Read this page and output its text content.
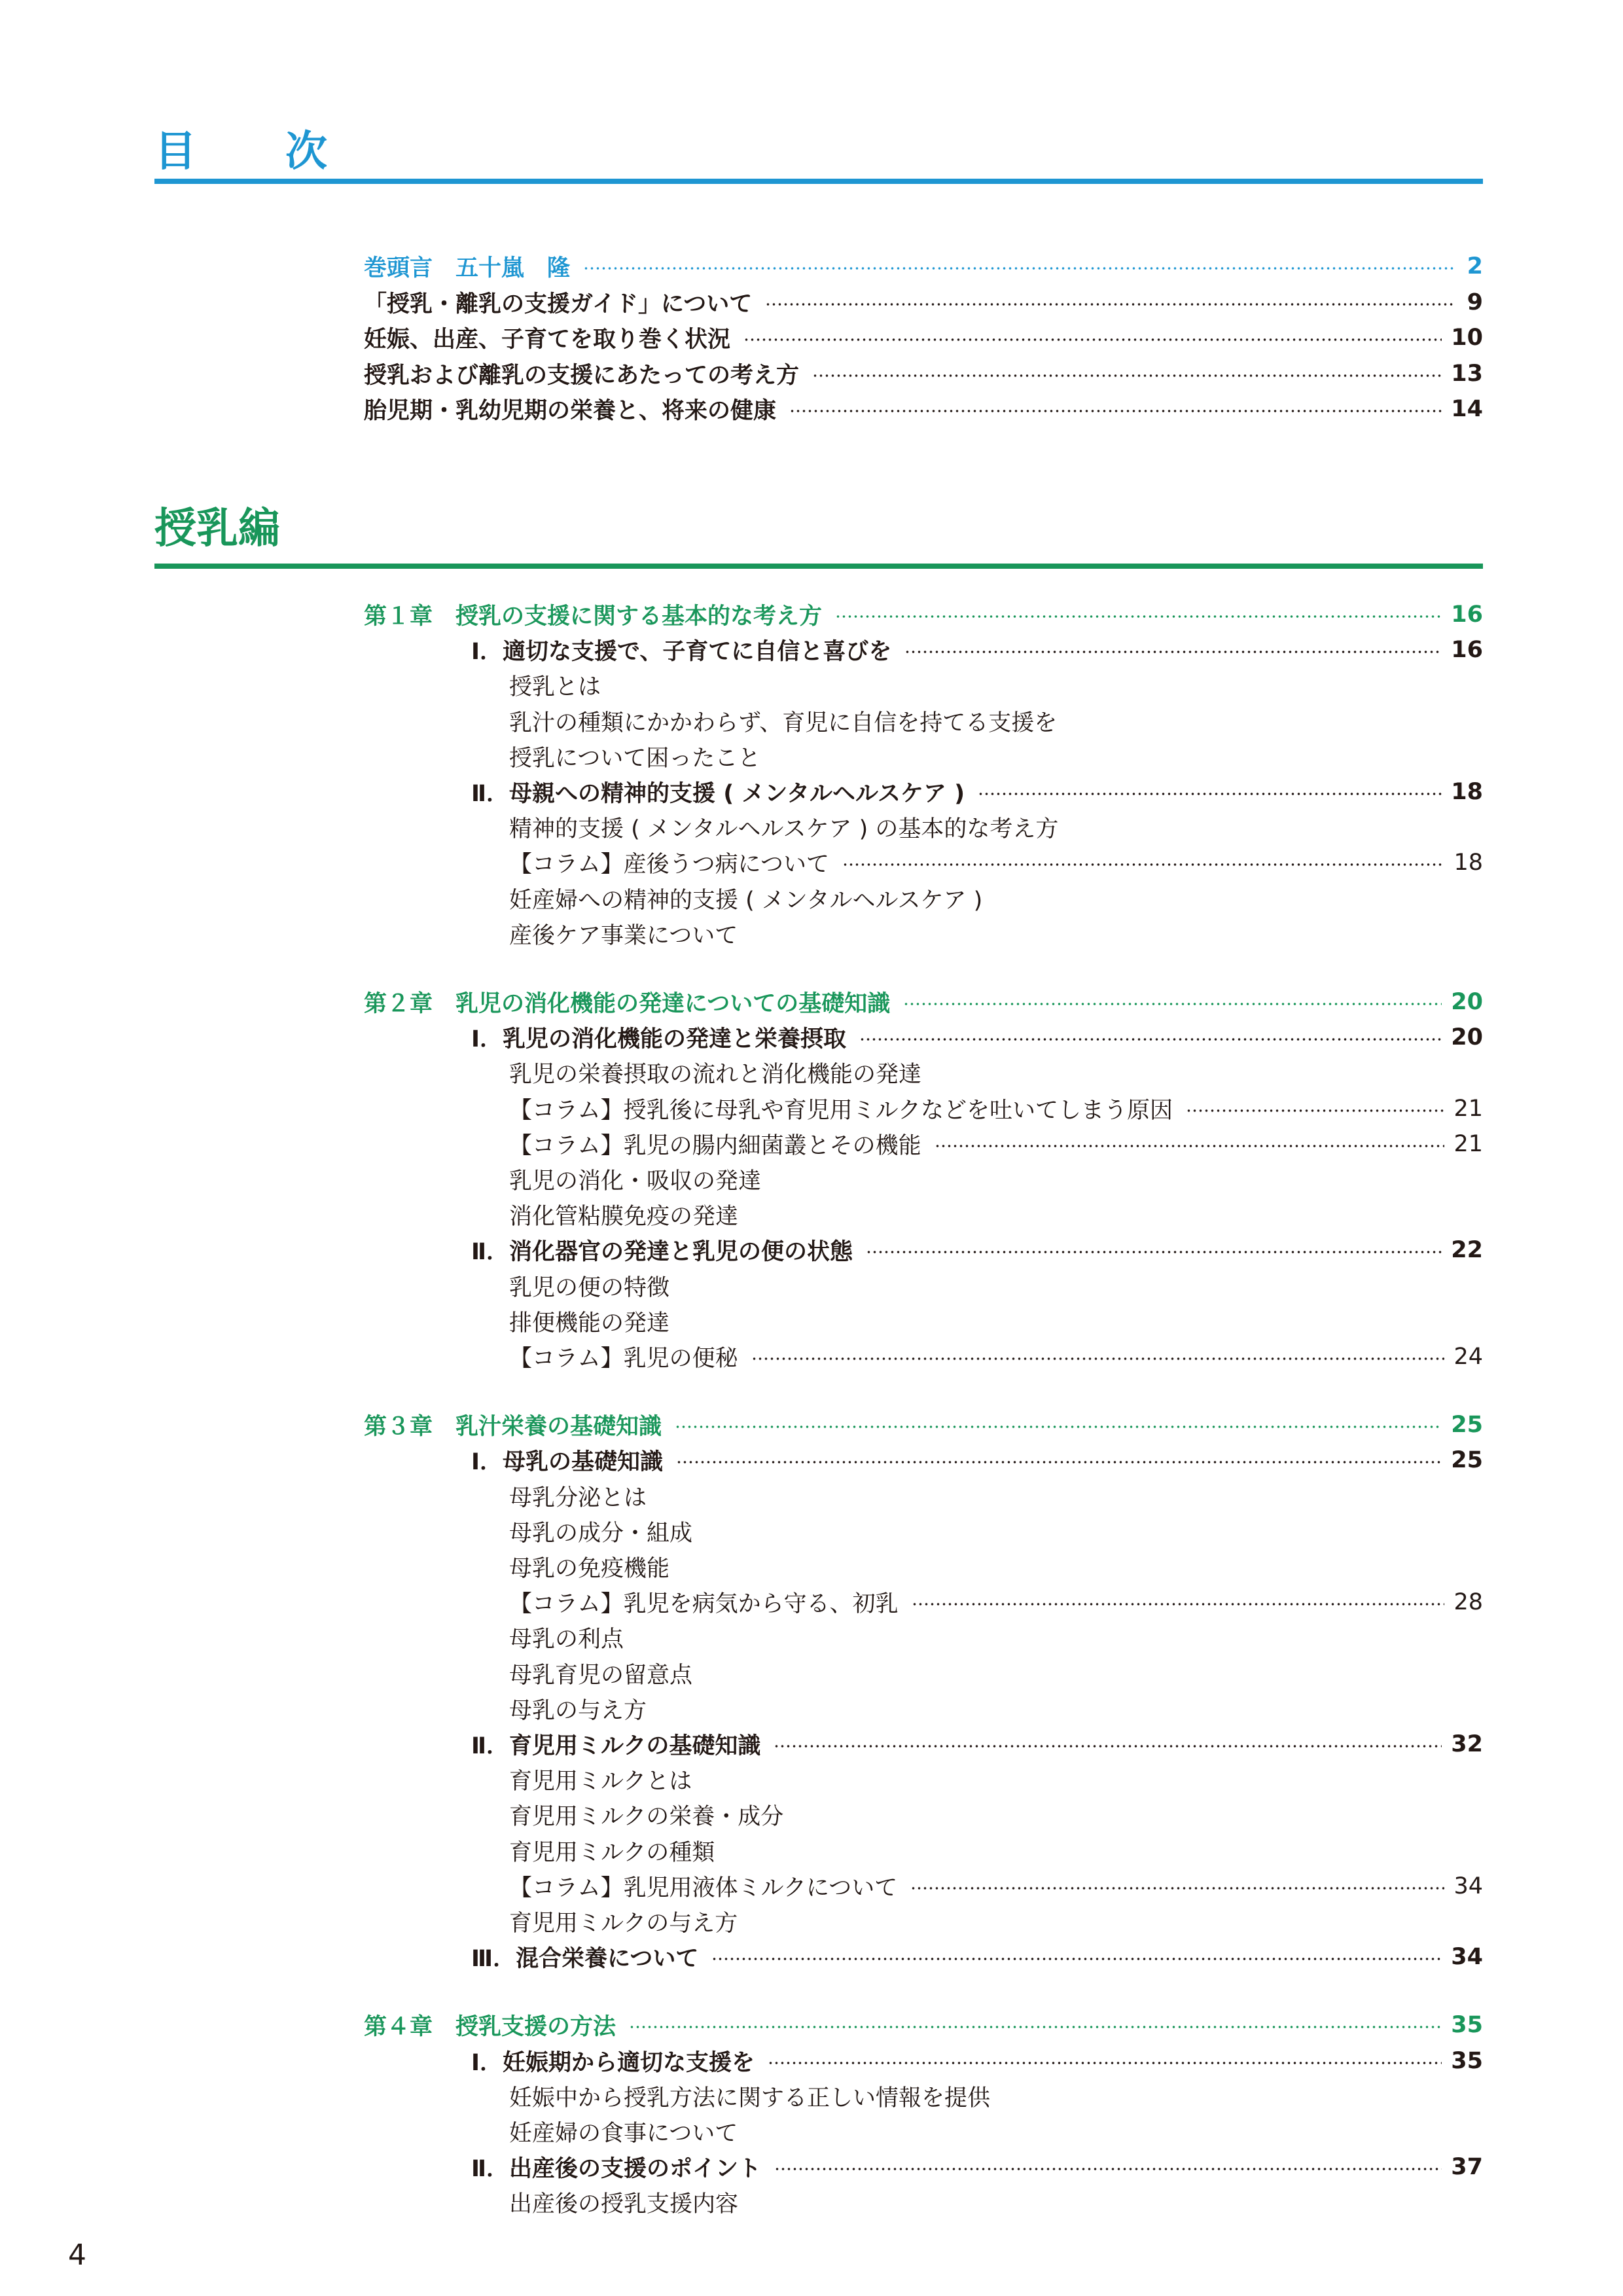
目　次
授乳編
巻頭言　五十嵐　隆	2
「授乳・離乳の支援ガイド」について	9
妊娠、出産、子育てを取り巻く状況	10
授乳および離乳の支援にあたっての考え方	13
胎児期・乳幼児期の栄養と、将来の健康	14
第１章　授乳の支援に関する基本的な考え方	16
Ⅰ．適切な支援で、子育てに自信と喜びを	16
授乳とは
乳汁の種類にかかわらず、育児に自信を持てる支援を
授乳について困ったこと
Ⅱ．母親への精神的支援 ( メンタルヘルスケア )	18
精神的支援 ( メンタルヘルスケア ) の基本的な考え方
【コラム】産後うつ病について	18
妊産婦への精神的支援 ( メンタルヘルスケア )
産後ケア事業について
第２章　乳児の消化機能の発達についての基礎知識	20
Ⅰ．乳児の消化機能の発達と栄養摂取	20
乳児の栄養摂取の流れと消化機能の発達
【コラム】授乳後に母乳や育児用ミルクなどを吐いてしまう原因	21
【コラム】乳児の腸内細菌叢とその機能	21
乳児の消化・吸収の発達
消化管粘膜免疫の発達
Ⅱ．消化器官の発達と乳児の便の状態	22
乳児の便の特徴
排便機能の発達
【コラム】乳児の便秘	24
第３章　乳汁栄養の基礎知識	25
Ⅰ．母乳の基礎知識	25
母乳分泌とは
母乳の成分・組成
母乳の免疫機能
【コラム】乳児を病気から守る、初乳	28
母乳の利点
母乳育児の留意点
母乳の与え方
Ⅱ．育児用ミルクの基礎知識	32
育児用ミルクとは
育児用ミルクの栄養・成分
育児用ミルクの種類
【コラム】乳児用液体ミルクについて	34
育児用ミルクの与え方
Ⅲ．混合栄養について	34
第４章　授乳支援の方法	35
Ⅰ．妊娠期から適切な支援を	35
妊娠中から授乳方法に関する正しい情報を提供
妊産婦の食事について
Ⅱ．出産後の支援のポイント	37
出産後の授乳支援内容
4
